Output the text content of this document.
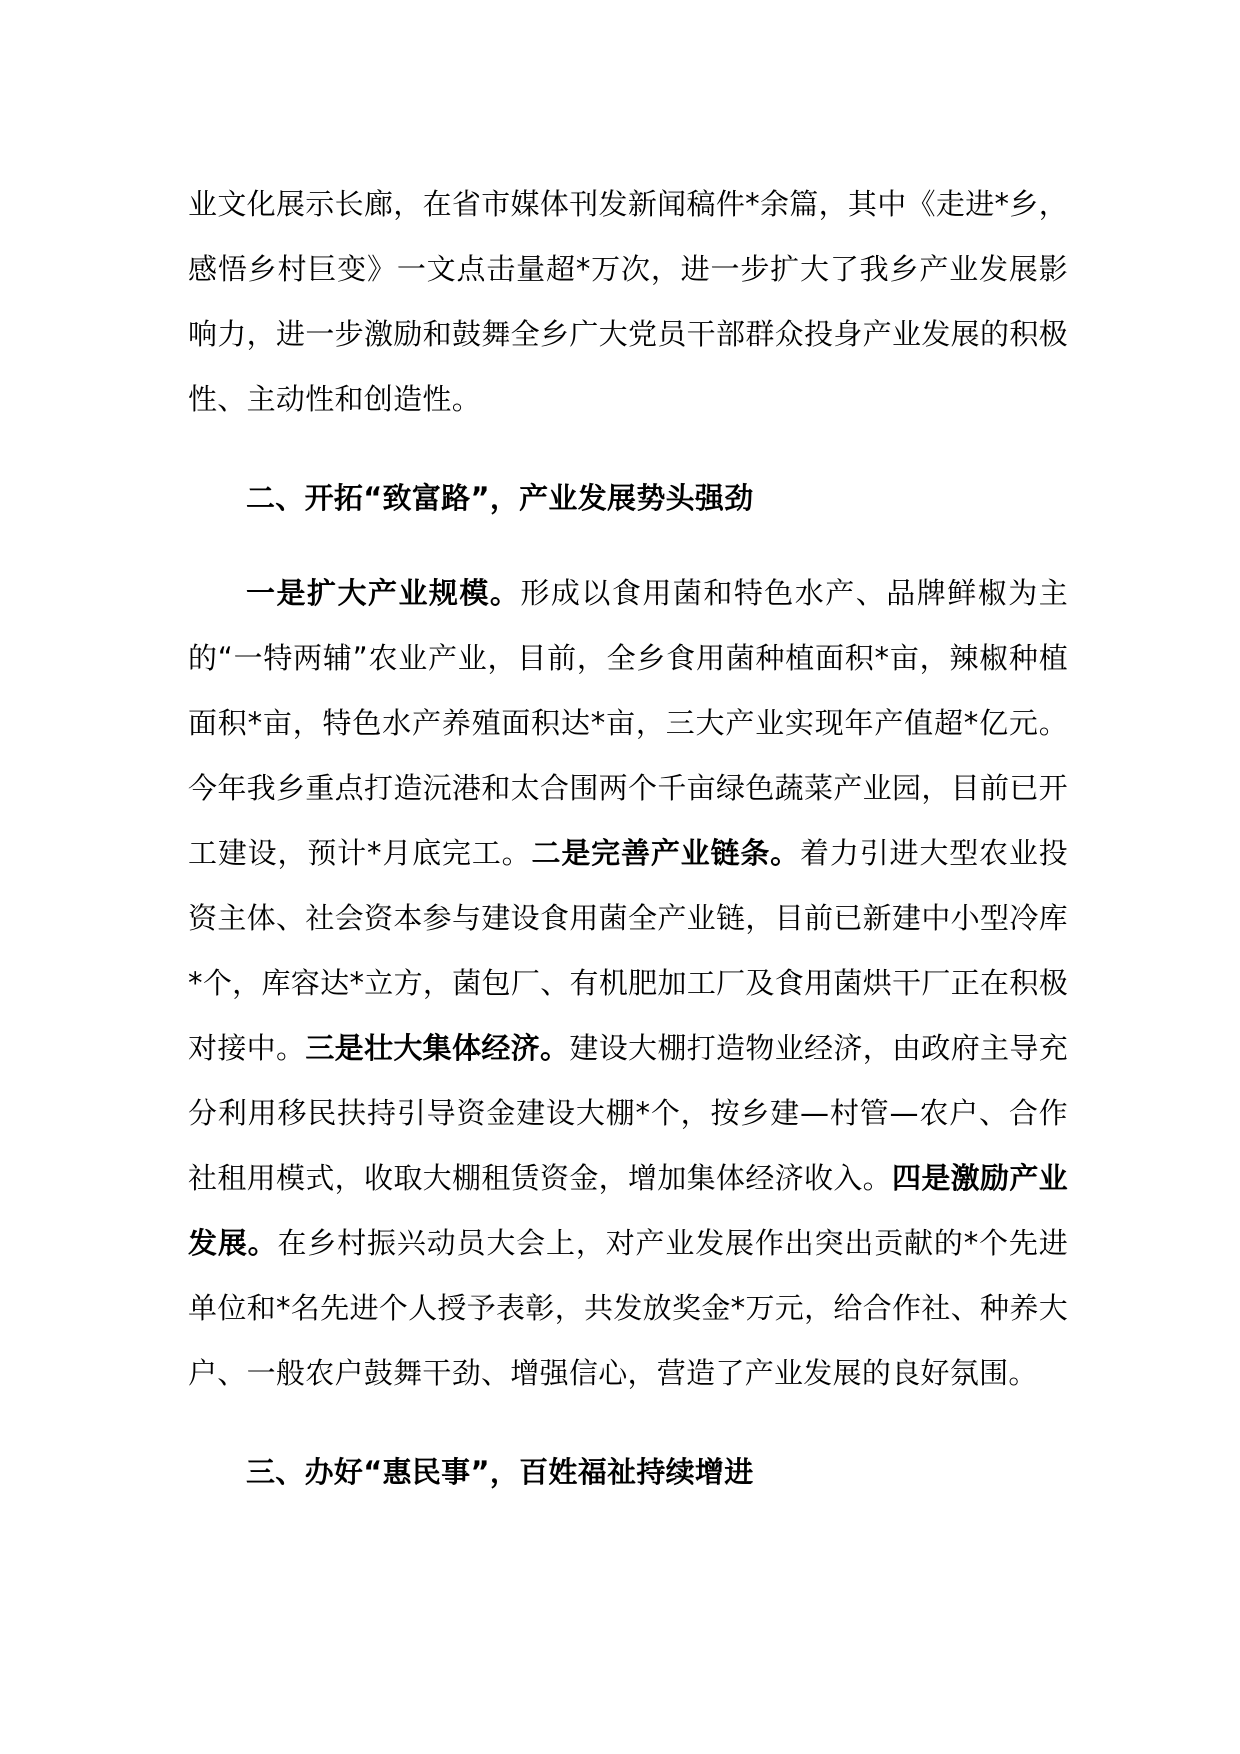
业文化展示长廊，在省市媒体刊发新闻稿件*余篇，其中《走进*乡，感悟乡村巨变》一文点击量超*万次，进一步扩大了我乡产业发展影响力，进一步激励和鼓舞全乡广大党员干部群众投身产业发展的积极性、主动性和创造性。

二、开拓“致富路”，产业发展势头强劲

一是扩大产业规模。形成以食用菌和特色水产、品牌鲜椒为主的“一特两辅”农业产业，目前，全乡食用菌种植面积*亩，辣椒种植面积*亩，特色水产养殖面积达*亩，三大产业实现年产值超*亿元。今年我乡重点打造沅港和太合围两个千亩绿色蔬菜产业园，目前已开工建设，预计*月底完工。二是完善产业链条。着力引进大型农业投资主体、社会资本参与建设食用菌全产业链，目前已新建中小型冷库*个，库容达*立方，菌包厂、有机肥加工厂及食用菌烘干厂正在积极对接中。三是壮大集体经济。建设大棚打造物业经济，由政府主导充分利用移民扶持引导资金建设大棚*个，按乡建—村管—农户、合作社租用模式，收取大棚租赁资金，增加集体经济收入。四是激励产业发展。在乡村振兴动员大会上，对产业发展作出突出贡献的*个先进单位和*名先进个人授予表彰，共发放奖金*万元，给合作社、种养大户、一般农户鼓舞干劲、增强信心，营造了产业发展的良好氛围。

三、办好“惠民事”，百姓福祉持续增进
